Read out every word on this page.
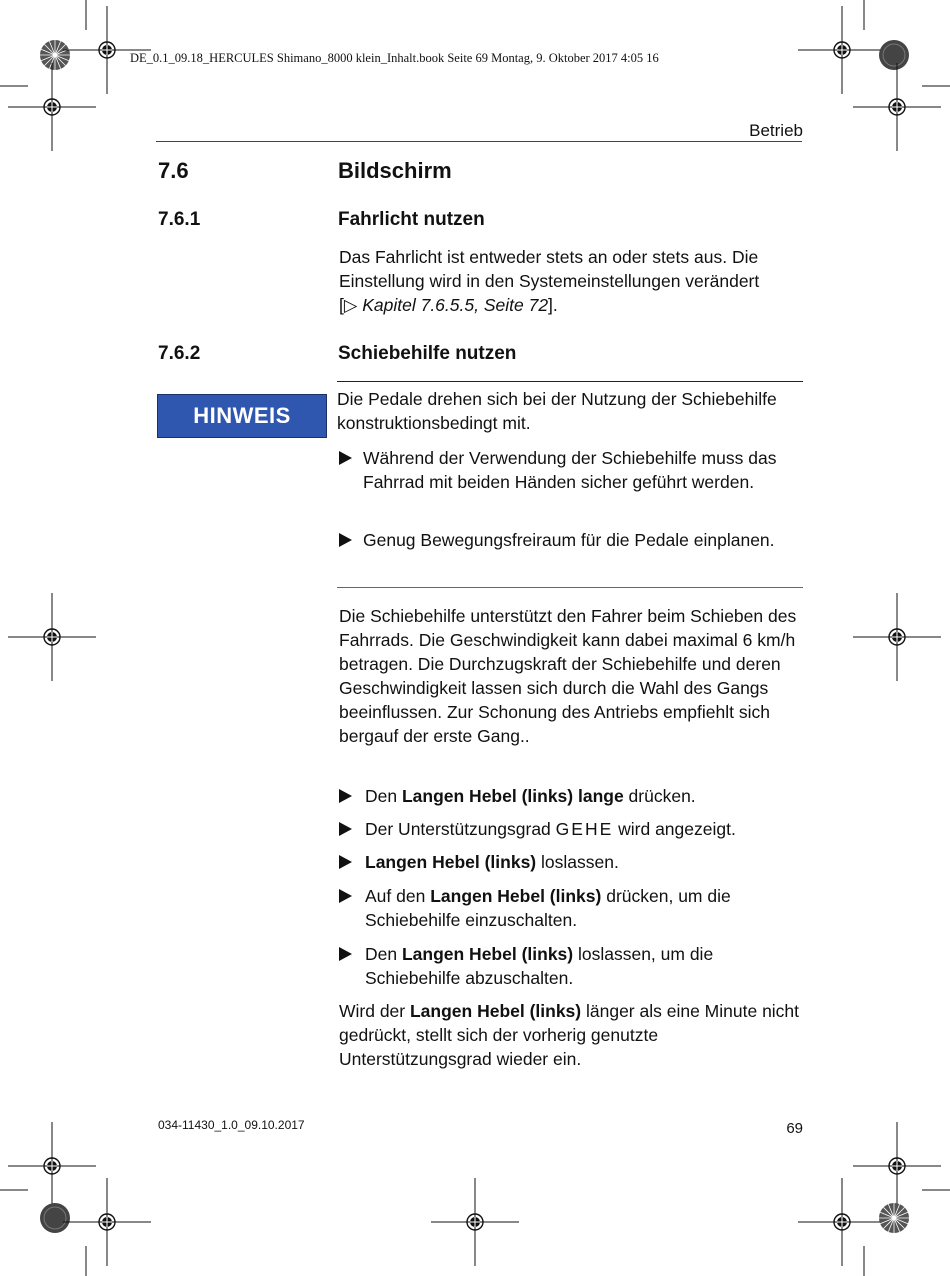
DE_0.1_09.18_HERCULES Shimano_8000 klein_Inhalt.book Seite 69 Montag, 9. Oktober 2017 4:05 16
Betrieb
7.6	Bildschirm
7.6.1	Fahrlicht nutzen
Das Fahrlicht ist entweder stets an oder stets aus. Die
Einstellung wird in den Systemeinstellungen verändert
[▷ Kapitel 7.6.5.5, Seite 72].
7.6.2	Schiebehilfe nutzen
HINWEIS
Die Pedale drehen sich bei der Nutzung der Schiebehilfe konstruktionsbedingt mit.
Während der Verwendung der Schiebehilfe muss das Fahrrad mit beiden Händen sicher geführt werden.
Genug Bewegungsfreiraum für die Pedale einplanen.
Die Schiebehilfe unterstützt den Fahrer beim Schieben des Fahrrads. Die Geschwindigkeit kann dabei maximal 6 km/h betragen. Die Durchzugskraft der Schiebehilfe und deren Geschwindigkeit lassen sich durch die Wahl des Gangs beeinflussen. Zur Schonung des Antriebs empfiehlt sich bergauf der erste Gang..
Den Langen Hebel (links) lange drücken.
Der Unterstützungsgrad GEHE wird angezeigt.
Langen Hebel (links) loslassen.
Auf den Langen Hebel (links) drücken, um die Schiebehilfe einzuschalten.
Den Langen Hebel (links) loslassen, um die Schiebehilfe abzuschalten.
Wird der Langen Hebel (links) länger als eine Minute nicht gedrückt, stellt sich der vorherig genutzte Unterstützungsgrad wieder ein.
034-11430_1.0_09.10.2017	69
